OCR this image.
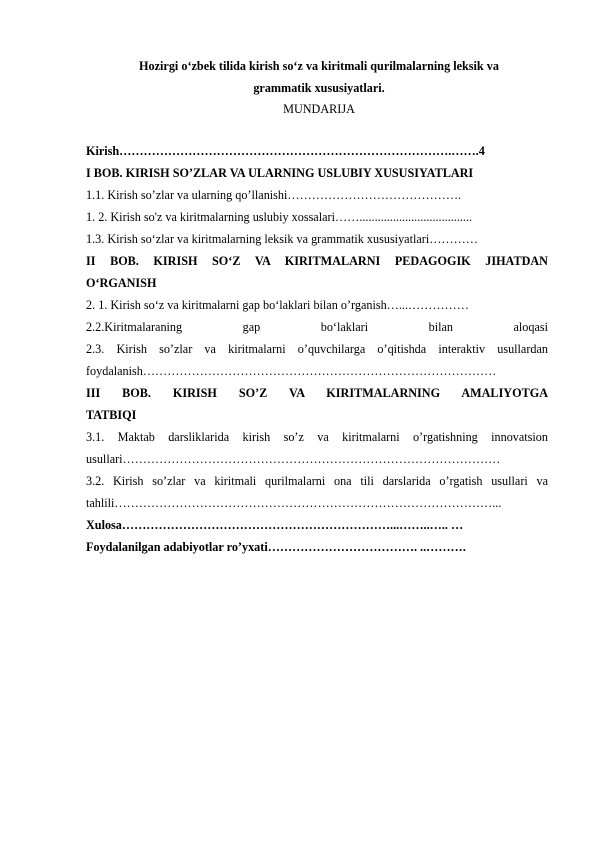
Hozirgi o‘zbek tilida kirish so‘z va kiritmali qurilmalarning leksik va
grammatik xususiyatlari.
MUNDARIJA
Kirish……………………………………………………………………….…….4
I BOB. KIRISH SO’ZLAR VA ULARNING USLUBIY XUSUSIYATLARI
1.1. Kirish so’zlar va ularning qo’llanishi…………………………………….
1. 2. Kirish so'z va kiritmalarning uslubiy xossalari…….....................................
1.3. Kirish so‘zlar va kiritmalarning leksik va grammatik xususiyatlari…………
II BOB. KIRISH SO‘Z VA KIRITMALARNI PEDAGOGIK JIHATDAN
O‘RGANISH
2. 1. Kirish so‘z va kiritmalarni gap bo‘laklari bilan o’rganish…...……………
2.2.Kiritmalaraning gap bo‘laklari bilan aloqasi
2.3. Kirish so’zlar va kiritmalarni o’quvchilarga o’qitishda interaktiv usullardan
foydalanish……………………………………………………………………………
III BOB. KIRISH SO’Z VA KIRITMALARNING AMALIYOTGA
TATBIQI
3.1. Maktab darsliklarida kirish so’z va kiritmalarni o’rgatishning innovatsion
usullari…………………………………………………………………………………
3.2. Kirish so’zlar va kiritmali qurilmalarni ona tili darslarida o’rgatish usullari va
tahlili…………………………………………………………………………………...
Xulosa…………………………………………………………...……..….. …
Foydalanilgan adabiyotlar ro’yxati………………………………. ..……….
